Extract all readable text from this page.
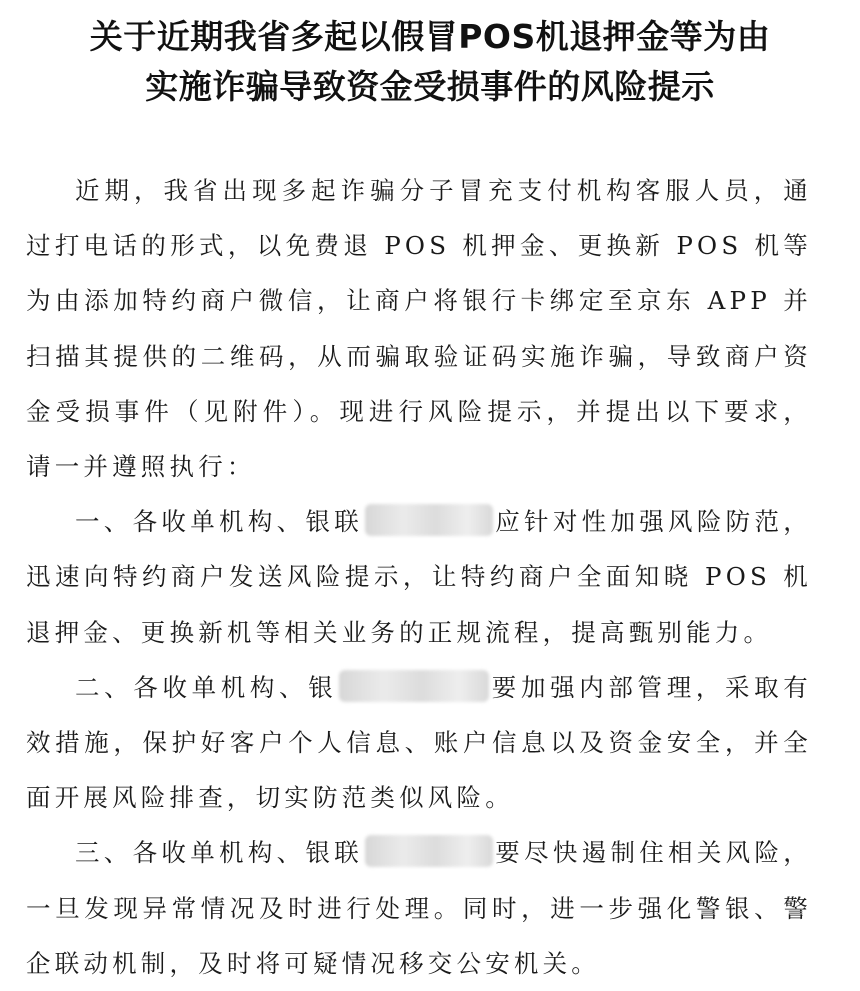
关于近期我省多起以假冒POS机退押金等为由

实施诈骗导致资金受损事件的风险提示

近期，我省出现多起诈骗分子冒充支付机构客服人员，通过打电话的形式，以免费退 POS 机押金、更换新 POS 机等为由添加特约商户微信，让商户将银行卡绑定至京东 APP 并扫描其提供的二维码，从而骗取验证码实施诈骗，导致商户资金受损事件（见附件）。现进行风险提示，并提出以下要求，请一并遵照执行：

一、各收单机构、银联	应针对性加强风险防范，迅速向特约商户发送风险提示，让特约商户全面知晓 POS 机退押金、更换新机等相关业务的正规流程，提高甄别能力。

二、各收单机构、银	要加强内部管理，采取有效措施，保护好客户个人信息、账户信息以及资金安全，并全面开展风险排查，切实防范类似风险。

三、各收单机构、银联	要尽快遏制住相关风险，一旦发现异常情况及时进行处理。同时，进一步强化警银、警企联动机制，及时将可疑情况移交公安机关。
